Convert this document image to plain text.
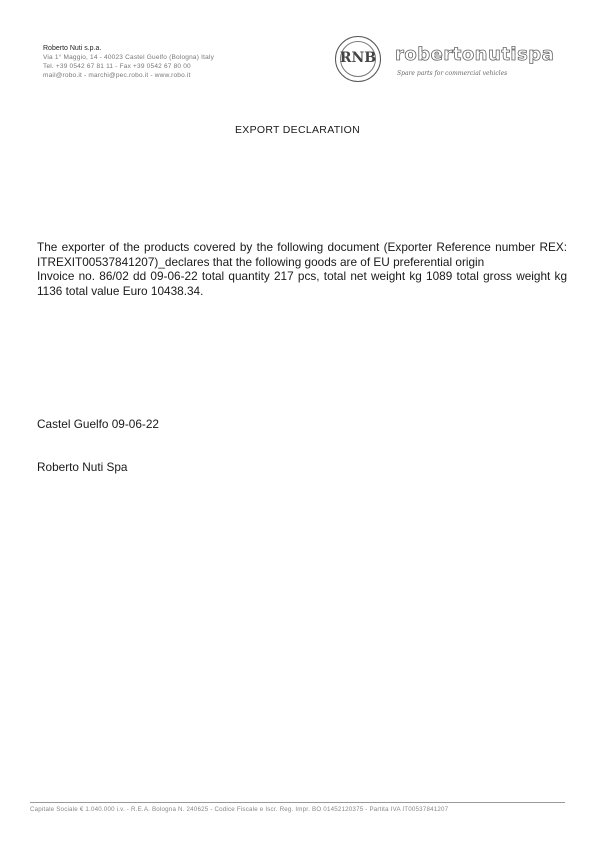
Roberto Nuti s.p.a.
Via 1° Maggio, 14 - 40023 Castel Guelfo (Bologna) Italy
Tel. +39 0542 67 81 11 - Fax +39 0542 67 80 00
mail@robo.it - marchi@pec.robo.it - www.robo.it
RNB robertonutispa
Spare parts for commercial vehicles
EXPORT DECLARATION

The exporter of the products covered by the following document (Exporter Reference number REX: ITREXIT00537841207)_declares that the following goods are of EU preferential origin

Invoice no. 86/02 dd 09-06-22 total quantity 217 pcs, total net weight kg 1089 total gross weight kg 1136 total value Euro 10438.34.

Castel Guelfo 09-06-22
Roberto Nuti Spa
Capitale Sociale € 1.040.000 i.v. - R.E.A. Bologna N. 240625 - Codice Fiscale e Iscr. Reg. Impr. BO 01452120375 - Partita IVA IT00537841207
